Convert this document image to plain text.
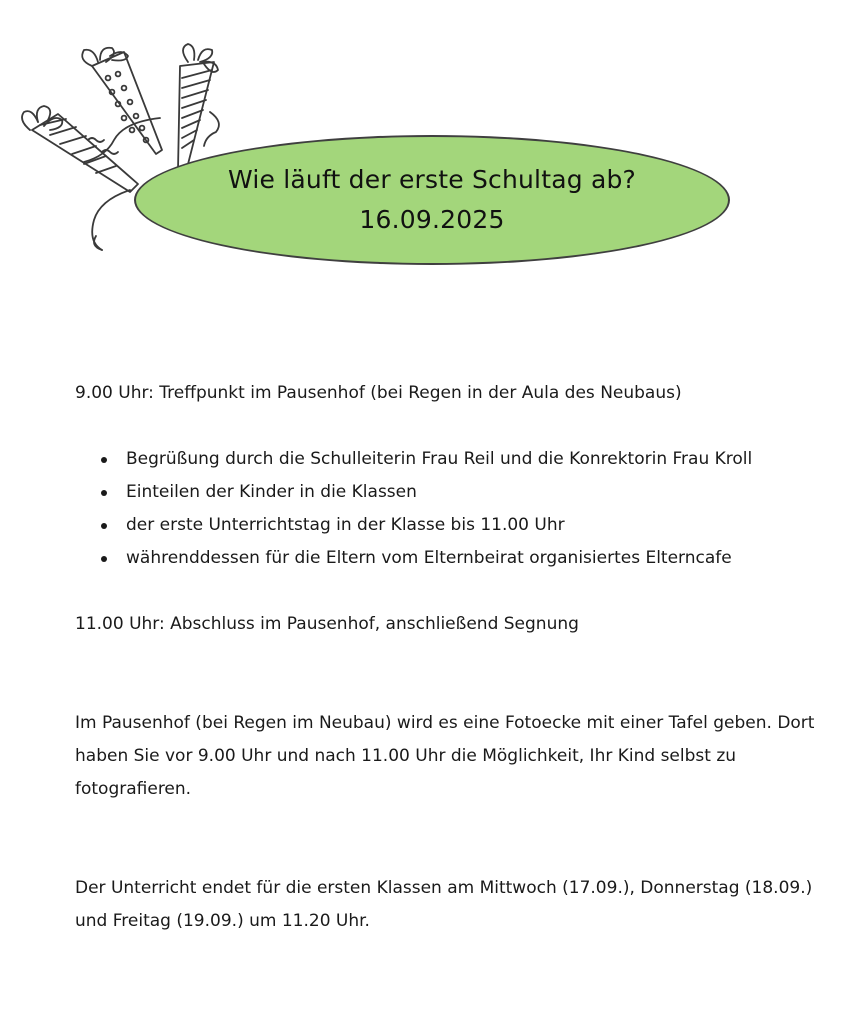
Wie läuft der erste Schultag ab?
16.09.2025

9.00 Uhr: Treffpunkt im Pausenhof (bei Regen in der Aula des Neubaus)

Begrüßung durch die Schulleiterin Frau Reil und die Konrektorin Frau Kroll
Einteilen der Kinder in die Klassen
der erste Unterrichtstag in der Klasse bis 11.00 Uhr
währenddessen für die Eltern vom Elternbeirat organisiertes Elterncafe

11.00 Uhr: Abschluss im Pausenhof, anschließend Segnung

Im Pausenhof (bei Regen im Neubau) wird es eine Fotoecke mit einer Tafel geben. Dort haben Sie vor 9.00 Uhr und nach 11.00 Uhr die Möglichkeit, Ihr Kind selbst zu fotografieren.

Der Unterricht endet für die ersten Klassen am Mittwoch (17.09.), Donnerstag (18.09.) und Freitag (19.09.) um 11.20 Uhr.
